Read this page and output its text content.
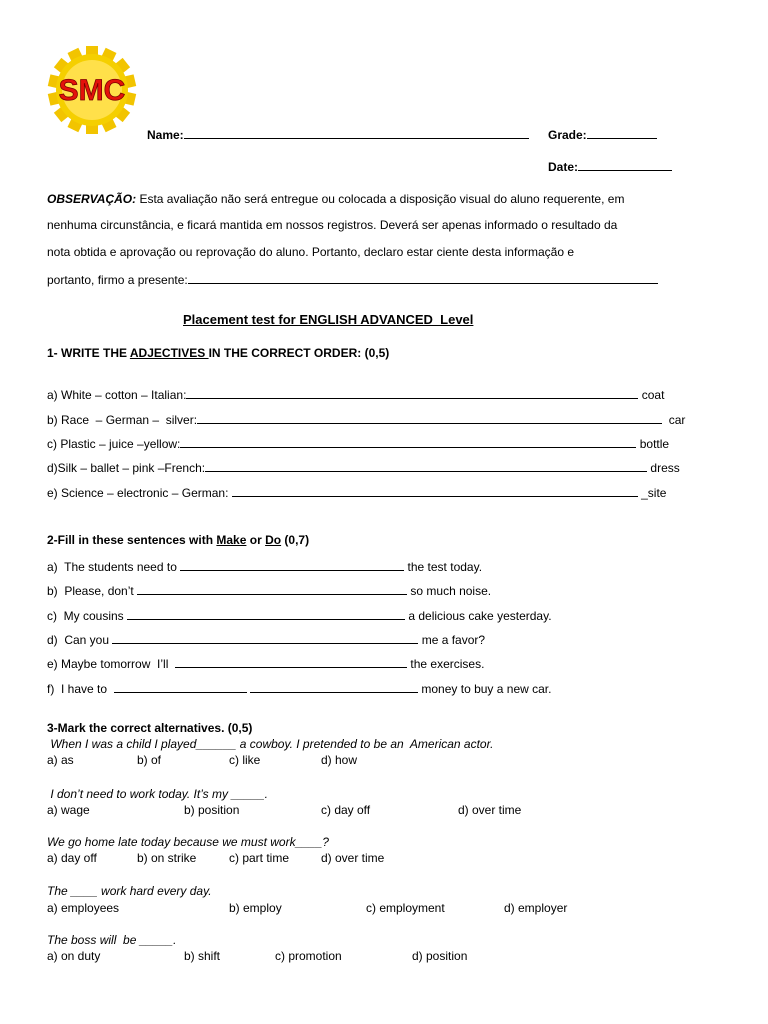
SMC
Name:	Grade:
Date:
OBSERVAÇÃO: Esta avaliação não será entregue ou colocada a disposição visual do aluno requerente, em
nenhuma circunstância, e ficará mantida em nossos registros. Deverá ser apenas informado o resultado da
nota obtida e aprovação ou reprovação do aluno. Portanto, declaro estar ciente desta informação e
portanto, firmo a presente:
Placement test for ENGLISH ADVANCED  Level
1- WRITE THE ADJECTIVES IN THE CORRECT ORDER: (0,5)
a) White – cotton – Italian:	coat
b) Race  – German –  silver:	car
c) Plastic – juice –yellow:	bottle
d)Silk – ballet – pink –French:	dress
e) Science – electronic – German:	_site
2-Fill in these sentences with Make or Do (0,7)
a)  The students need to	the test today.
b)  Please, don’t	so much noise.
c)  My cousins	a delicious cake yesterday.
d)  Can you	me a favor?
e) Maybe tomorrow  I’ll	the exercises.
f)  I have to	money to buy a new car.
3-Mark the correct alternatives. (0,5)
When I was a child I played______ a cowboy. I pretended to be an  American actor.
a) as	b) of	c) like	d) how
I don’t need to work today. It’s my _____.
a) wage	b) position	c) day off	d) over time
We go home late today because we must work____?
a) day off	b) on strike	c) part time	d) over time
The ____ work hard every day.
a) employees	b) employ	c) employment	d) employer
The boss will  be _____.
a) on duty	b) shift	c) promotion	d) position
